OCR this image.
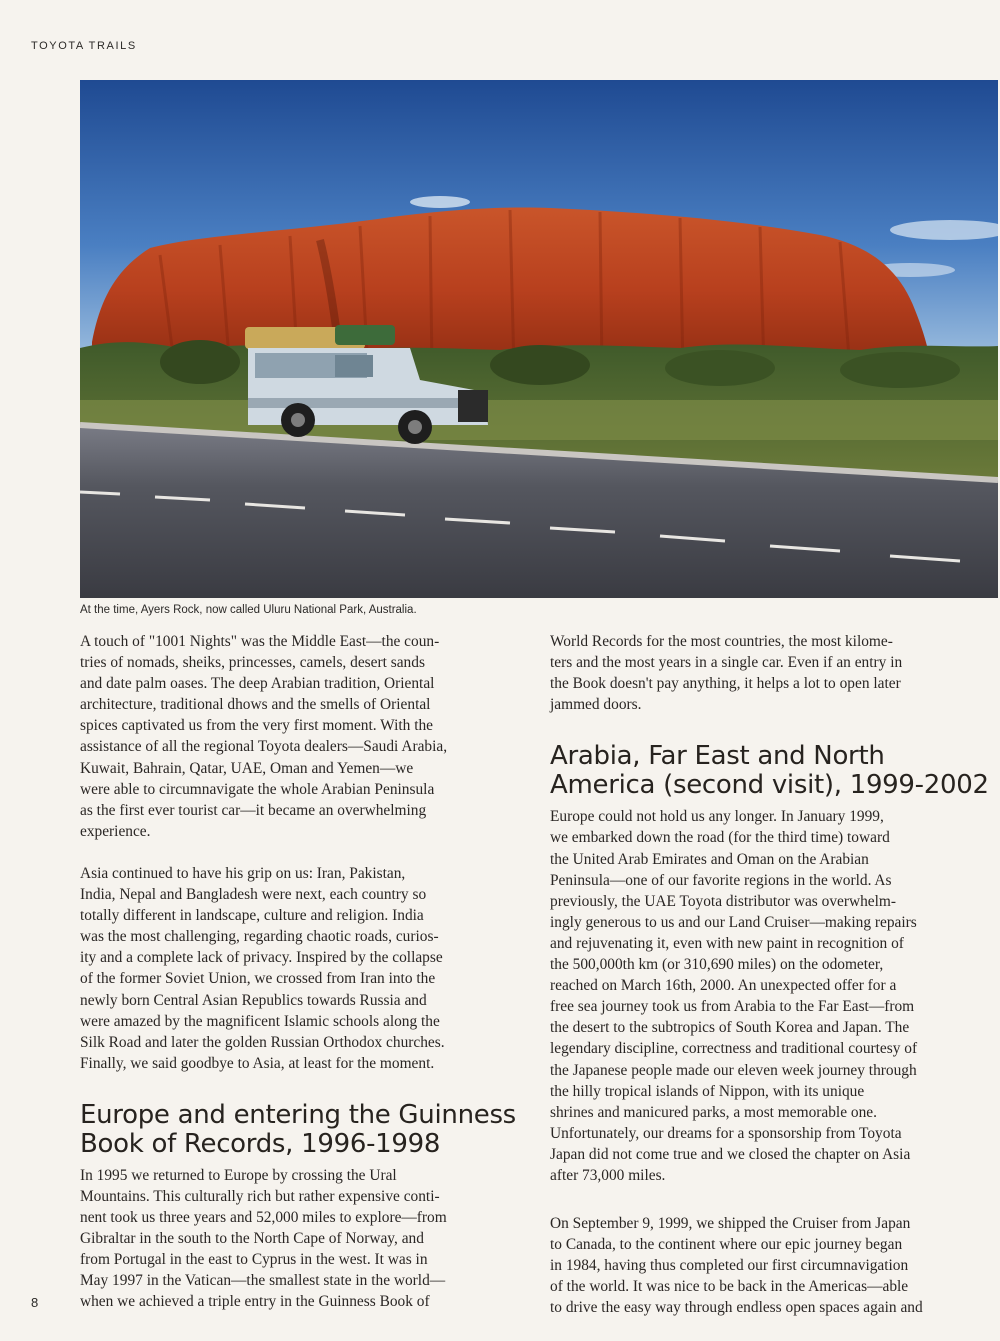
TOYOTA TRAILS
At the time, Ayers Rock, now called Uluru National Park, Australia.

A touch of "1001 Nights" was the Middle East—the coun-
tries of nomads, sheiks, princesses, camels, desert sands
and date palm oases. The deep Arabian tradition, Oriental
architecture, traditional dhows and the smells of Oriental
spices captivated us from the very first moment. With the
assistance of all the regional Toyota dealers—Saudi Arabia,
Kuwait, Bahrain, Qatar, UAE, Oman and Yemen—we
were able to circumnavigate the whole Arabian Peninsula
as the first ever tourist car—it became an overwhelming
experience.

Asia continued to have his grip on us: Iran, Pakistan,
India, Nepal and Bangladesh were next, each country so
totally different in landscape, culture and religion. India
was the most challenging, regarding chaotic roads, curios-
ity and a complete lack of privacy. Inspired by the collapse
of the former Soviet Union, we crossed from Iran into the
newly born Central Asian Republics towards Russia and
were amazed by the magnificent Islamic schools along the
Silk Road and later the golden Russian Orthodox churches.
Finally, we said goodbye to Asia, at least for the moment.

Europe and entering the Guinness
Book of Records, 1996-1998

In 1995 we returned to Europe by crossing the Ural
Mountains. This culturally rich but rather expensive conti-
nent took us three years and 52,000 miles to explore—from
Gibraltar in the south to the North Cape of Norway, and
from Portugal in the east to Cyprus in the west. It was in
May 1997 in the Vatican—the smallest state in the world—
when we achieved a triple entry in the Guinness Book of

World Records for the most countries, the most kilome-
ters and the most years in a single car. Even if an entry in
the Book doesn't pay anything, it helps a lot to open later
jammed doors.

Arabia, Far East and North
America (second visit), 1999-2002

Europe could not hold us any longer. In January 1999,
we embarked down the road (for the third time) toward
the United Arab Emirates and Oman on the Arabian
Peninsula—one of our favorite regions in the world. As
previously, the UAE Toyota distributor was overwhelm-
ingly generous to us and our Land Cruiser—making repairs
and rejuvenating it, even with new paint in recognition of
the 500,000th km (or 310,690 miles) on the odometer,
reached on March 16th, 2000. An unexpected offer for a
free sea journey took us from Arabia to the Far East—from
the desert to the subtropics of South Korea and Japan. The
legendary discipline, correctness and traditional courtesy of
the Japanese people made our eleven week journey through
the hilly tropical islands of Nippon, with its unique
shrines and manicured parks, a most memorable one.
Unfortunately, our dreams for a sponsorship from Toyota
Japan did not come true and we closed the chapter on Asia
after 73,000 miles.

On September 9, 1999, we shipped the Cruiser from Japan
to Canada, to the continent where our epic journey began
in 1984, having thus completed our first circumnavigation
of the world. It was nice to be back in the Americas—able
to drive the easy way through endless open spaces again and

8
